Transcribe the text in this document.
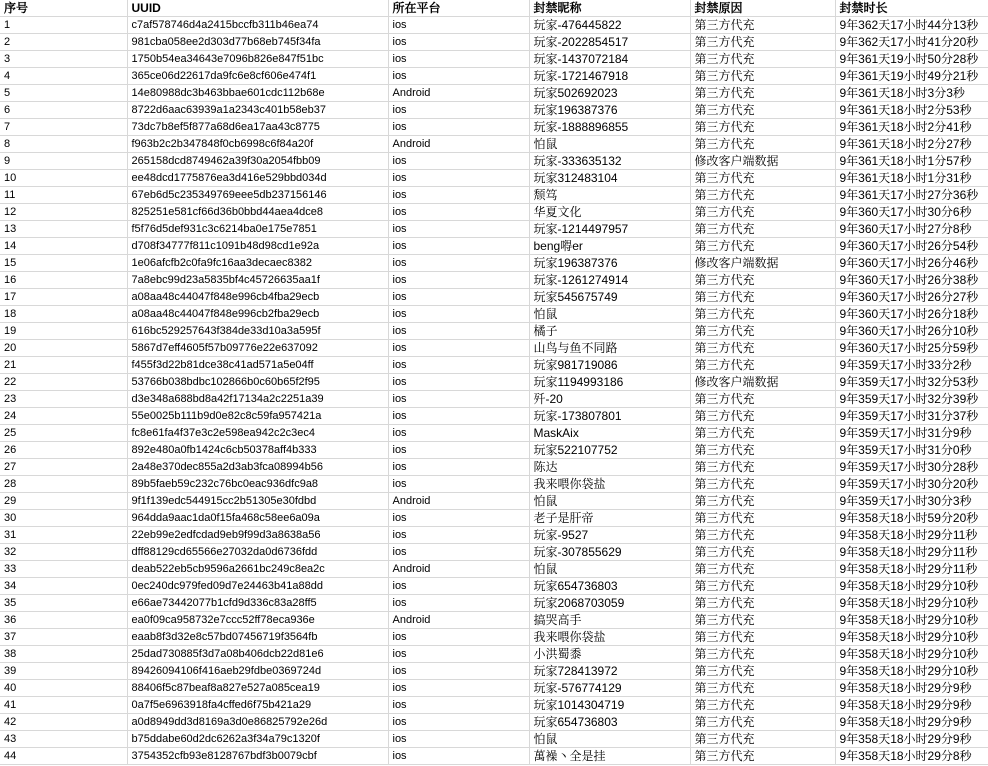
序号	UUID	所在平台	封禁昵称	封禁原因	封禁时长
1	c7af578746d4a2415bccfb311b46ea74	ios	玩家-476445822	第三方代充	9年362天17小时44分13秒
2	981cba058ee2d303d77b68eb745f34fa	ios	玩家-2022854517	第三方代充	9年362天17小时41分20秒
3	1750b54ea34643e7096b826e847f51bc	ios	玩家-1437072184	第三方代充	9年361天19小时50分28秒
4	365ce06d22617da9fc6e8cf606e474f1	ios	玩家-1721467918	第三方代充	9年361天19小时49分21秒
5	14e80988dc3b463bbae601cdc112b68e	Android	玩家502692023	第三方代充	9年361天18小时3分3秒
6	8722d6aac63939a1a2343c401b58eb37	ios	玩家196387376	第三方代充	9年361天18小时2分53秒
7	73dc7b8ef5f877a68d6ea17aa43c8775	ios	玩家-1888896855	第三方代充	9年361天18小时2分41秒
8	f963b2c2b347848f0cb6998c6f84a20f	Android	怕鼠	第三方代充	9年361天18小时2分27秒
9	265158dcd8749462a39f30a2054fbb09	ios	玩家-333635132	修改客户端数据	9年361天18小时1分57秒
10	ee48dcd1775876ea3d416e529bbd034d	ios	玩家312483104	第三方代充	9年361天18小时1分31秒
11	67eb6d5c235349769eee5db237156146	ios	颓笃	第三方代充	9年361天17小时27分36秒
12	825251e581cf66d36b0bbd44aea4dce8	ios	华夏文化	第三方代充	9年360天17小时30分6秒
13	f5f76d5def931c3c6214ba0e175e7851	ios	玩家-1214497957	第三方代充	9年360天17小时27分8秒
14	d708f34777f811c1091b48d98cd1e92a	ios	beng嘚er	第三方代充	9年360天17小时26分54秒
15	1e06afcfb2c0fa9fc16aa3decaec8382	ios	玩家196387376	修改客户端数据	9年360天17小时26分46秒
16	7a8ebc99d23a5835bf4c45726635aa1f	ios	玩家-1261274914	第三方代充	9年360天17小时26分38秒
17	a08aa48c44047f848e996cb4fba29ecb	ios	玩家545675749	第三方代充	9年360天17小时26分27秒
18	a08aa48c44047f848e996cb2fba29ecb	ios	怕鼠	第三方代充	9年360天17小时26分18秒
19	616bc529257643f384de33d10a3a595f	ios	橘子	第三方代充	9年360天17小时26分10秒
20	5867d7eff4605f57b09776e22e637092	ios	山鸟与鱼不同路	第三方代充	9年360天17小时25分59秒
21	f455f3d22b81dce38c41ad571a5e04ff	ios	玩家981719086	第三方代充	9年359天17小时33分2秒
22	53766b038bdbc102866b0c60b65f2f95	ios	玩家1194993186	修改客户端数据	9年359天17小时32分53秒
23	d3e348a688bd8a42f17134a2c2251a39	ios	歼-20	第三方代充	9年359天17小时32分39秒
24	55e0025b111b9d0e82c8c59fa957421a	ios	玩家-173807801	第三方代充	9年359天17小时31分37秒
25	fc8e61fa4f37e3c2e598ea942c2c3ec4	ios	MaskAix	第三方代充	9年359天17小时31分9秒
26	892e480a0fb1424c6cb50378aff4b333	ios	玩家522107752	第三方代充	9年359天17小时31分0秒
27	2a48e370dec855a2d3ab3fca08994b56	ios	陈达	第三方代充	9年359天17小时30分28秒
28	89b5faeb59c232c76bc0eac936dfc9a8	ios	我来喂你袋盐	第三方代充	9年359天17小时30分20秒
29	9f1f139edc544915cc2b51305e30fdbd	Android	怕鼠	第三方代充	9年359天17小时30分3秒
30	964dda9aac1da0f15fa468c58ee6a09a	ios	老子是肝帝	第三方代充	9年358天18小时59分20秒
31	22eb99e2edfcdad9eb9f99d3a8638a56	ios	玩家-9527	第三方代充	9年358天18小时29分11秒
32	dff88129cd65566e27032da0d6736fdd	ios	玩家-307855629	第三方代充	9年358天18小时29分11秒
33	deab522eb5cb9596a2661bc249c8ea2c	Android	怕鼠	第三方代充	9年358天18小时29分11秒
34	0ec240dc979fed09d7e24463b41a88dd	ios	玩家654736803	第三方代充	9年358天18小时29分10秒
35	e66ae73442077b1cfd9d336c83a28ff5	ios	玩家2068703059	第三方代充	9年358天18小时29分10秒
36	ea0f09ca958732e7ccc52ff78eca936e	Android	搞哭高手	第三方代充	9年358天18小时29分10秒
37	eaab8f3d32e8c57bd07456719f3564fb	ios	我来喂你袋盐	第三方代充	9年358天18小时29分10秒
38	25dad730885f3d7a08b406dcb22d81e6	ios	小洪蜀黍	第三方代充	9年358天18小时29分10秒
39	89426094106f416aeb29fdbe0369724d	ios	玩家728413972	第三方代充	9年358天18小时29分10秒
40	88406f5c87beaf8a827e527a085cea19	ios	玩家-576774129	第三方代充	9年358天18小时29分9秒
41	0a7f5e6963918fa4cffed6f75b421a29	ios	玩家1014304719	第三方代充	9年358天18小时29分9秒
42	a0d8949dd3d8169a3d0e86825792e26d	ios	玩家654736803	第三方代充	9年358天18小时29分9秒
43	b75ddabe60d2dc6262a3f34a79c1320f	ios	怕鼠	第三方代充	9年358天18小时29分9秒
44	3754352cfb93e8128767bdf3b0079cbf	ios	萬襙丶全是挂	第三方代充	9年358天18小时29分8秒
